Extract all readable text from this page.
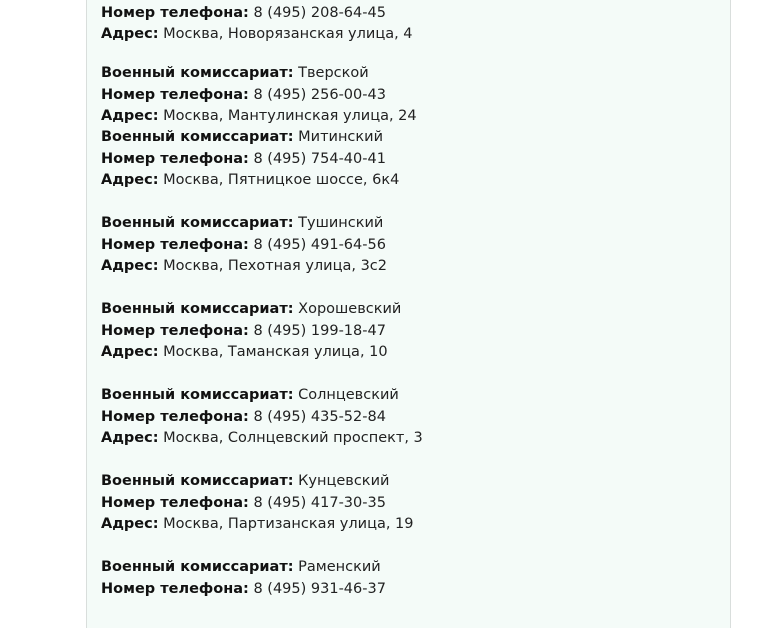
Номер телефона: 8 (495) 208-64-45
Адрес: Москва, Новорязанская улица, 4
Военный комиссариат: Тверской
Номер телефона: 8 (495) 256-00-43
Адрес: Москва, Мантулинская улица, 24
Военный комиссариат: Митинский
Номер телефона: 8 (495) 754-40-41
Адрес: Москва, Пятницкое шоссе, 6к4
Военный комиссариат: Тушинский
Номер телефона: 8 (495) 491-64-56
Адрес: Москва, Пехотная улица, 3с2
Военный комиссариат: Хорошевский
Номер телефона: 8 (495) 199-18-47
Адрес: Москва, Таманская улица, 10
Военный комиссариат: Солнцевский
Номер телефона: 8 (495) 435-52-84
Адрес: Москва, Солнцевский проспект, 3
Военный комиссариат: Кунцевский
Номер телефона: 8 (495) 417-30-35
Адрес: Москва, Партизанская улица, 19
Военный комиссариат: Раменский
Номер телефона: 8 (495) 931-46-37
